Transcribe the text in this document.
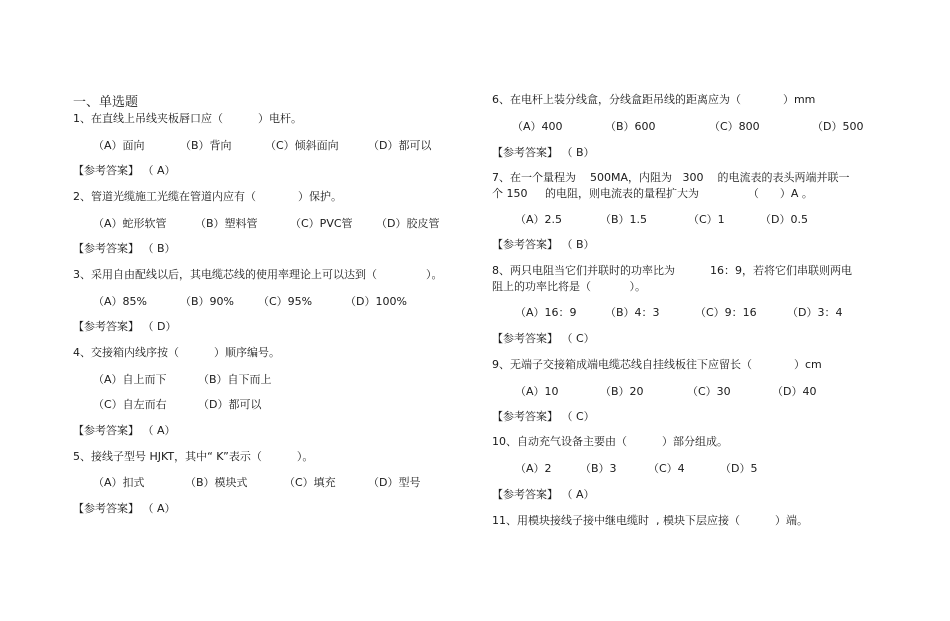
一、单选题
1、在直线上吊线夹板唇口应（          ）电杆。
（A）面向	（B）背向	（C）倾斜面向	（D）都可以
【参考答案】 （ A）
2、管道光缆施工光缆在管道内应有（            ）保护。
（A）蛇形软管	（B）塑料管	（C）PVC管 （D）胶皮管
【参考答案】 （ B）
3、采用自由配线以后，其电缆芯线的使用率理论上可以达到（              ）。
（A）85%	（B）90% （C）95%	（D）100%
【参考答案】 （ D）
4、交接箱内线序按（          ）顺序编号。
（A）自上而下	（B）自下而上
（C）自左而右	（D）都可以
【参考答案】 （ A）
5、接线子型号 HJKT，其中“ K”表示（          ）。
（A）扣式	（B）模块式	（C）填充	（D）型号
【参考答案】 （ A）
6、在电杆上装分线盒，分线盒距吊线的距离应为（            ）mm
（A）400	（B）600	（C）800	（D）500
【参考答案】 （ B）
7、在一个量程为    500MA，内阻为   300    的电流表的表头两端并联一
个 150     的电阻，则电流表的量程扩大为              （      ）A 。
（A）2.5	（B）1.5	（C）1	（D）0.5
【参考答案】 （ B）
8、两只电阻当它们并联时的功率比为          16：9，若将它们串联则两电
阻上的功率比将是（           ）。
（A）16：9	（B）4：3	（C）9：16	（D）3：4
【参考答案】 （ C）
9、无端子交接箱成端电缆芯线自挂线板往下应留长（            ）cm
（A）10	（B）20	（C）30	（D）40
【参考答案】 （ C）
10、自动充气设备主要由（          ）部分组成。
（A）2	（B）3	（C）4	（D）5
【参考答案】 （ A）
11、用模块接线子接中继电缆时  , 模块下层应接（          ）端。
